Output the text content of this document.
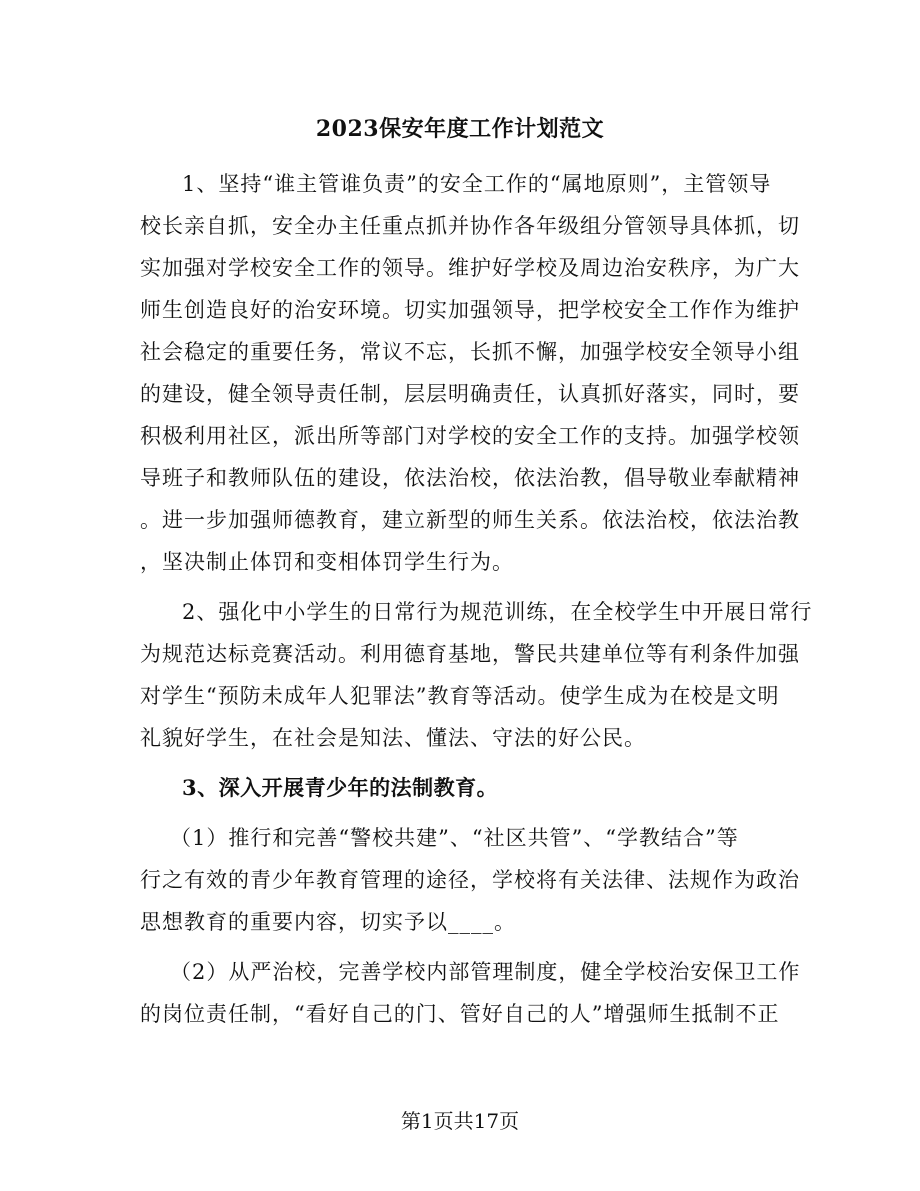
2023保安年度工作计划范文

1、坚持“谁主管谁负责”的安全工作的“属地原则”，主管领导
校长亲自抓，安全办主任重点抓并协作各年级组分管领导具体抓，切
实加强对学校安全工作的领导。维护好学校及周边治安秩序，为广大
师生创造良好的治安环境。切实加强领导，把学校安全工作作为维护
社会稳定的重要任务，常议不忘，长抓不懈，加强学校安全领导小组
的建设，健全领导责任制，层层明确责任，认真抓好落实，同时，要
积极利用社区，派出所等部门对学校的安全工作的支持。加强学校领
导班子和教师队伍的建设，依法治校，依法治教，倡导敬业奉献精神
。进一步加强师德教育，建立新型的师生关系。依法治校，依法治教
，坚决制止体罚和变相体罚学生行为。

2、强化中小学生的日常行为规范训练，在全校学生中开展日常行
为规范达标竞赛活动。利用德育基地，警民共建单位等有利条件加强
对学生“预防未成年人犯罪法”教育等活动。使学生成为在校是文明
礼貌好学生，在社会是知法、懂法、守法的好公民。

3、深入开展青少年的法制教育。

（1）推行和完善“警校共建”、“社区共管”、“学教结合”等
行之有效的青少年教育管理的途径，学校将有关法律、法规作为政治
思想教育的重要内容，切实予以____。

（2）从严治校，完善学校内部管理制度，健全学校治安保卫工作
的岗位责任制，“看好自己的门、管好自己的人”增强师生抵制不正

第1页共17页
